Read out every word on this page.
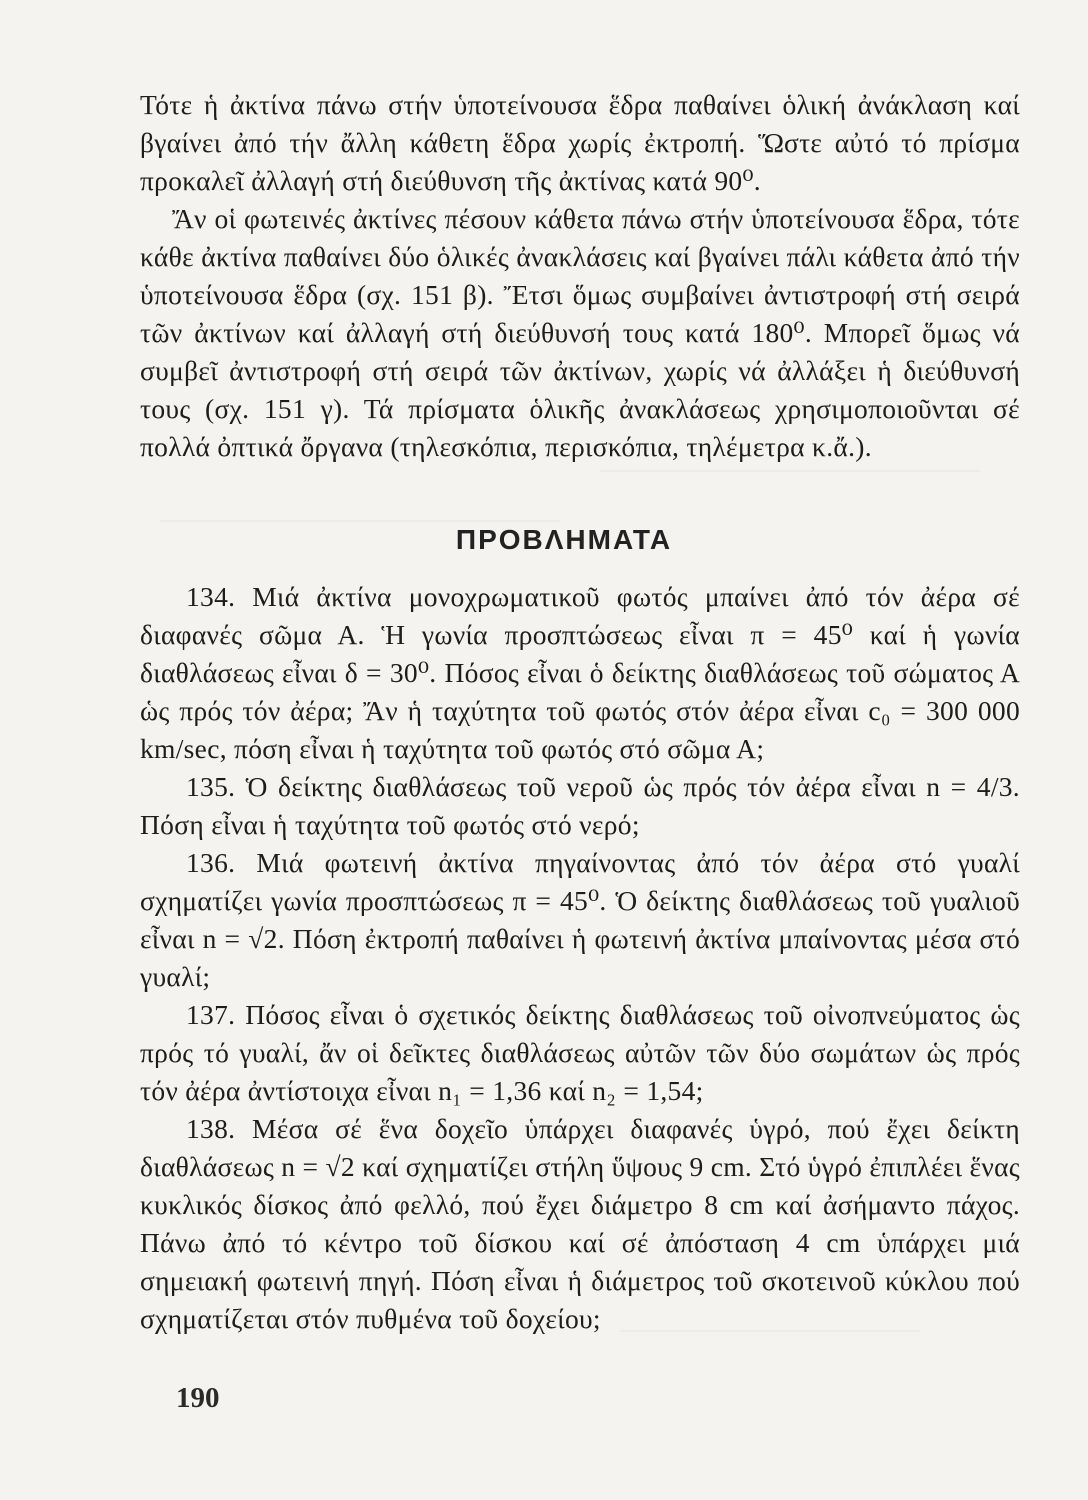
Τότε ἡ ἀκτίνα πάνω στήν ὑποτείνουσα ἕδρα παθαίνει ὁλική ἀνάκλαση καί βγαίνει ἀπό τήν ἄλλη κάθετη ἕδρα χωρίς ἐκτροπή. Ὥστε αὐτό τό πρίσμα προκαλεῖ ἀλλαγή στή διεύθυνση τῆς ἀκτίνας κατά 90⁰.

Ἄν οἱ φωτεινές ἀκτίνες πέσουν κάθετα πάνω στήν ὑποτείνουσα ἕδρα, τότε κάθε ἀκτίνα παθαίνει δύο ὁλικές ἀνακλάσεις καί βγαίνει πάλι κάθετα ἀπό τήν ὑποτείνουσα ἕδρα (σχ. 151 β). Ἔτσι ὅμως συμβαίνει ἀντιστροφή στή σειρά τῶν ἀκτίνων καί ἀλλαγή στή διεύθυνσή τους κατά 180⁰. Μπορεῖ ὅμως νά συμβεῖ ἀντιστροφή στή σειρά τῶν ἀκτίνων, χωρίς νά ἀλλάξει ἡ διεύθυνσή τους (σχ. 151 γ). Τά πρίσματα ὁλικῆς ἀνακλάσεως χρησιμοποιοῦνται σέ πολλά ὀπτικά ὄργανα (τηλεσκόπια, περισκόπια, τηλέμετρα κ.ἄ.).

ΠΡΟΒΛΗΜΑΤΑ

134. Μιά ἀκτίνα μονοχρωματικοῦ φωτός μπαίνει ἀπό τόν ἀέρα σέ διαφανές σῶμα Α. Ἡ γωνία προσπτώσεως εἶναι π = 45⁰ καί ἡ γωνία διαθλάσεως εἶναι δ = 30⁰. Πόσος εἶναι ὁ δείκτης διαθλάσεως τοῦ σώματος Α ὡς πρός τόν ἀέρα; Ἄν ἡ ταχύτητα τοῦ φωτός στόν ἀέρα εἶναι c₀ = 300 000 km/sec, πόση εἶναι ἡ ταχύτητα τοῦ φωτός στό σῶμα Α;

135. Ὁ δείκτης διαθλάσεως τοῦ νεροῦ ὡς πρός τόν ἀέρα εἶναι n = 4/3. Πόση εἶναι ἡ ταχύτητα τοῦ φωτός στό νερό;

136. Μιά φωτεινή ἀκτίνα πηγαίνοντας ἀπό τόν ἀέρα στό γυαλί σχηματίζει γωνία προσπτώσεως π = 45⁰. Ὁ δείκτης διαθλάσεως τοῦ γυαλιοῦ εἶναι n = √2. Πόση ἐκτροπή παθαίνει ἡ φωτεινή ἀκτίνα μπαίνοντας μέσα στό γυαλί;

137. Πόσος εἶναι ὁ σχετικός δείκτης διαθλάσεως τοῦ οἰνοπνεύματος ὡς πρός τό γυαλί, ἄν οἱ δεῖκτες διαθλάσεως αὐτῶν τῶν δύο σωμάτων ὡς πρός τόν ἀέρα ἀντίστοιχα εἶναι n₁ = 1,36 καί n₂ = 1,54;

138. Μέσα σέ ἕνα δοχεῖο ὑπάρχει διαφανές ὑγρό, πού ἔχει δείκτη διαθλάσεως n = √2 καί σχηματίζει στήλη ὕψους 9 cm. Στό ὑγρό ἐπιπλέει ἕνας κυκλικός δίσκος ἀπό φελλό, πού ἔχει διάμετρο 8 cm καί ἀσήμαντο πάχος. Πάνω ἀπό τό κέντρο τοῦ δίσκου καί σέ ἀπόσταση 4 cm ὑπάρχει μιά σημειακή φωτεινή πηγή. Πόση εἶναι ἡ διάμετρος τοῦ σκοτεινοῦ κύκλου πού σχηματίζεται στόν πυθμένα τοῦ δοχείου;

190
